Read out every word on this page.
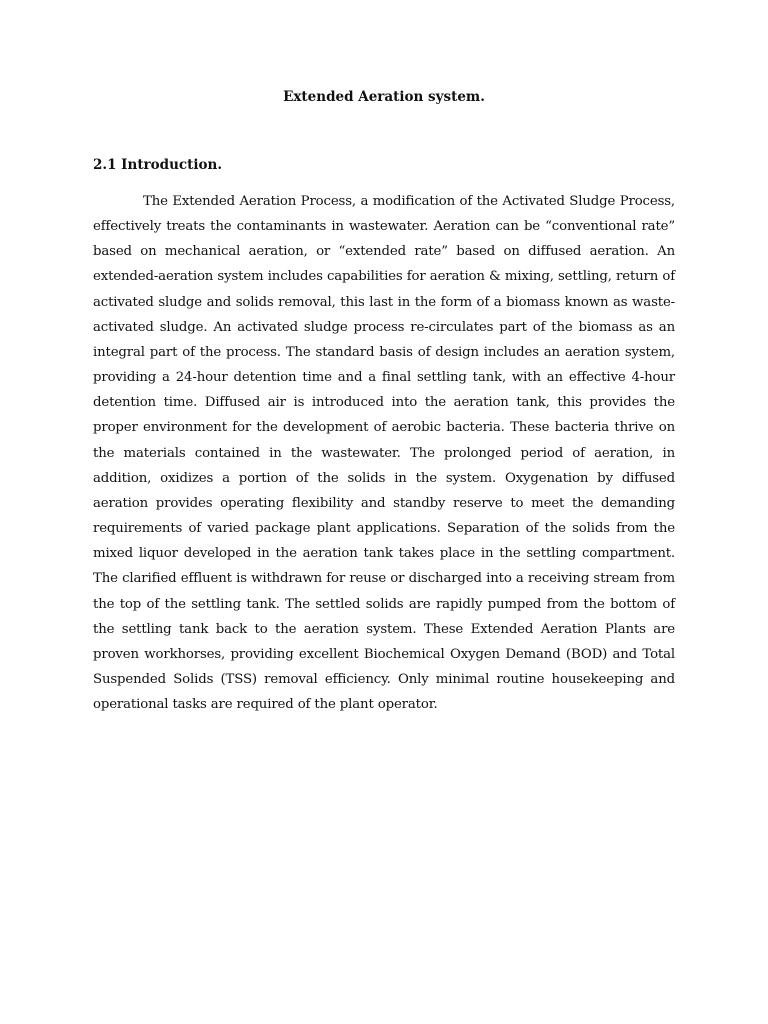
Extended Aeration system.
2.1 Introduction.

The Extended Aeration Process, a modification of the Activated Sludge Process, effectively treats the contaminants in wastewater. Aeration can be “conventional rate” based on mechanical aeration, or “extended rate” based on diffused aeration. An extended-aeration system includes capabilities for aeration & mixing, settling, return of activated sludge and solids removal, this last in the form of a biomass known as waste-activated sludge. An activated sludge process re-circulates part of the biomass as an integral part of the process. The standard basis of design includes an aeration system, providing a 24-hour detention time and a final settling tank, with an effective 4-hour detention time. Diffused air is introduced into the aeration tank, this provides the proper environment for the development of aerobic bacteria. These bacteria thrive on the materials contained in the wastewater. The prolonged period of aeration, in addition, oxidizes a portion of the solids in the system. Oxygenation by diffused aeration provides operating flexibility and standby reserve to meet the demanding requirements of varied package plant applications. Separation of the solids from the mixed liquor developed in the aeration tank takes place in the settling compartment. The clarified effluent is withdrawn for reuse or discharged into a receiving stream from the top of the settling tank. The settled solids are rapidly pumped from the bottom of the settling tank back to the aeration system. These Extended Aeration Plants are proven workhorses, providing excellent Biochemical Oxygen Demand (BOD) and Total Suspended Solids (TSS) removal efficiency. Only minimal routine housekeeping and operational tasks are required of the plant operator.
